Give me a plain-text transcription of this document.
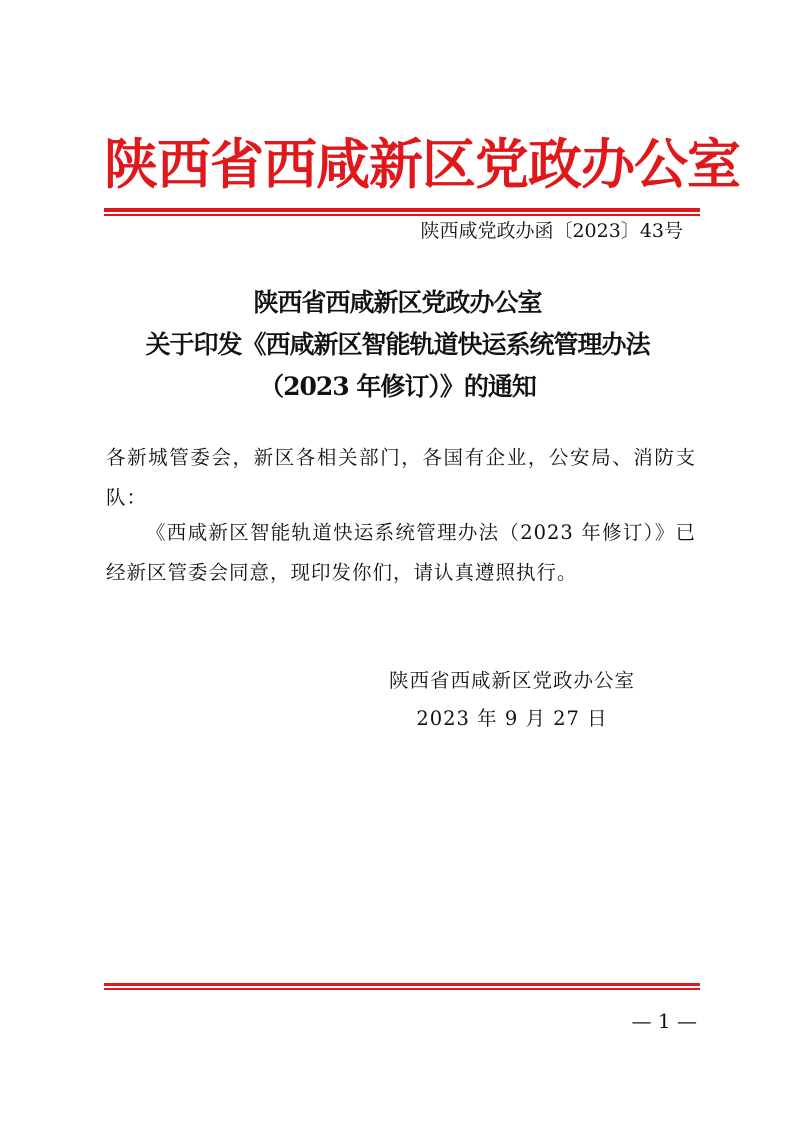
陕西省西咸新区党政办公室
陕西咸党政办函〔2023〕43号
陕西省西咸新区党政办公室
关于印发《西咸新区智能轨道快运系统管理办法
（2023 年修订）》的通知
各新城管委会，新区各相关部门，各国有企业，公安局、消防支队：
《西咸新区智能轨道快运系统管理办法（2023 年修订）》已经新区管委会同意，现印发你们，请认真遵照执行。
陕西省西咸新区党政办公室
2023 年 9 月 27 日
— 1 —
